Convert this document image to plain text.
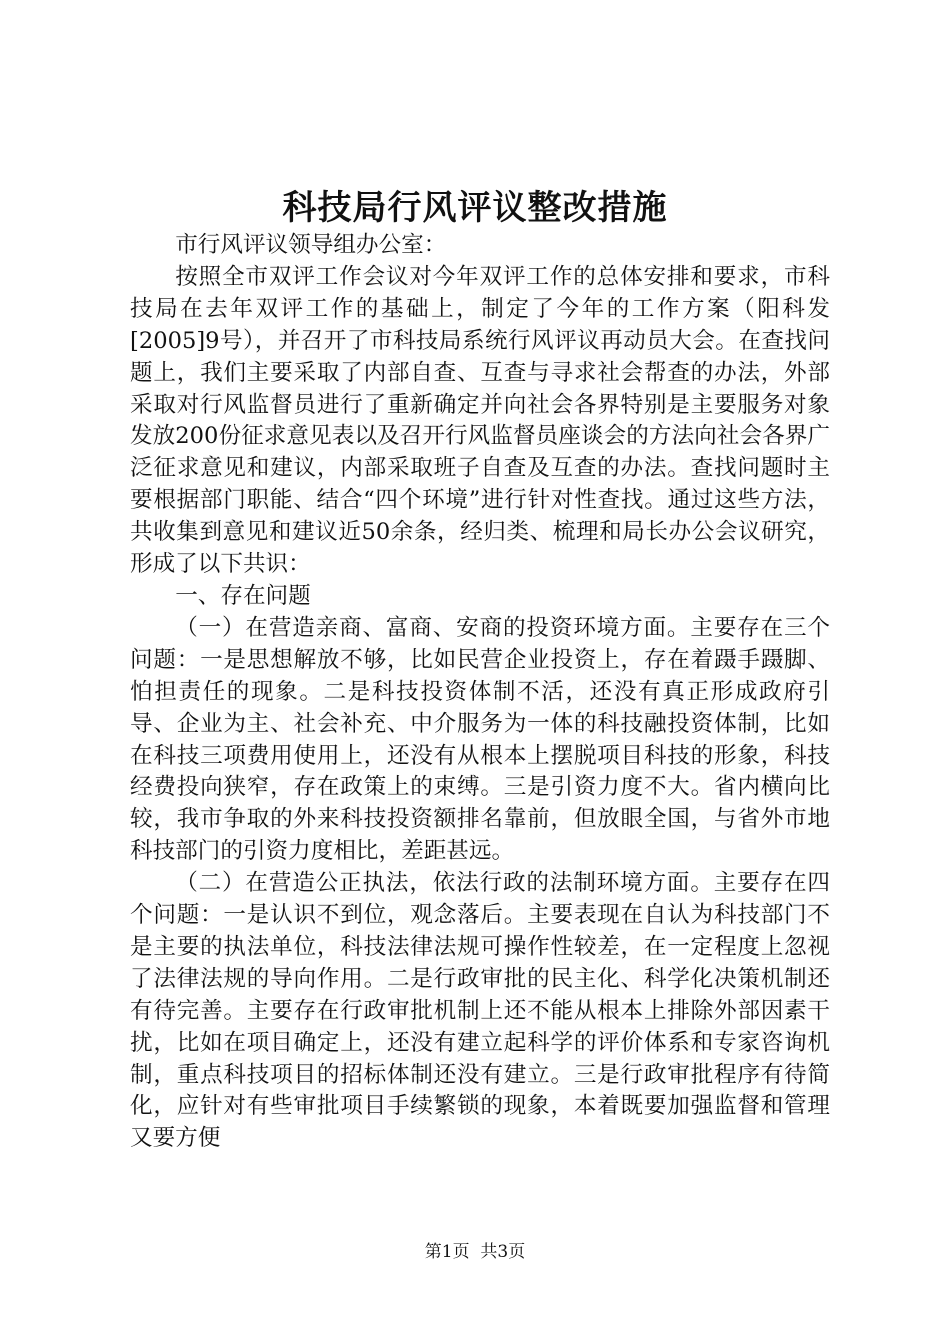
科技局行风评议整改措施

市行风评议领导组办公室：

按照全市双评工作会议对今年双评工作的总体安排和要求，市科技局在去年双评工作的基础上，制定了今年的工作方案（阳科发[2005]9号），并召开了市科技局系统行风评议再动员大会。在查找问题上，我们主要采取了内部自查、互查与寻求社会帮查的办法，外部采取对行风监督员进行了重新确定并向社会各界特别是主要服务对象发放200份征求意见表以及召开行风监督员座谈会的方法向社会各界广泛征求意见和建议，内部采取班子自查及互查的办法。查找问题时主要根据部门职能、结合“四个环境”进行针对性查找。通过这些方法，共收集到意见和建议近50余条，经归类、梳理和局长办公会议研究，形成了以下共识：

一、存在问题

（一）在营造亲商、富商、安商的投资环境方面。主要存在三个问题：一是思想解放不够，比如民营企业投资上，存在着蹑手蹑脚、怕担责任的现象。二是科技投资体制不活，还没有真正形成政府引导、企业为主、社会补充、中介服务为一体的科技融投资体制，比如在科技三项费用使用上，还没有从根本上摆脱项目科技的形象，科技经费投向狭窄，存在政策上的束缚。三是引资力度不大。省内横向比较，我市争取的外来科技投资额排名靠前，但放眼全国，与省外市地科技部门的引资力度相比，差距甚远。

（二）在营造公正执法，依法行政的法制环境方面。主要存在四个问题：一是认识不到位，观念落后。主要表现在自认为科技部门不是主要的执法单位，科技法律法规可操作性较差，在一定程度上忽视了法律法规的导向作用。二是行政审批的民主化、科学化决策机制还有待完善。主要存在行政审批机制上还不能从根本上排除外部因素干扰，比如在项目确定上，还没有建立起科学的评价体系和专家咨询机制，重点科技项目的招标体制还没有建立。三是行政审批程序有待简化，应针对有些审批项目手续繁锁的现象，本着既要加强监督和管理又要方便

第1页  共3页
